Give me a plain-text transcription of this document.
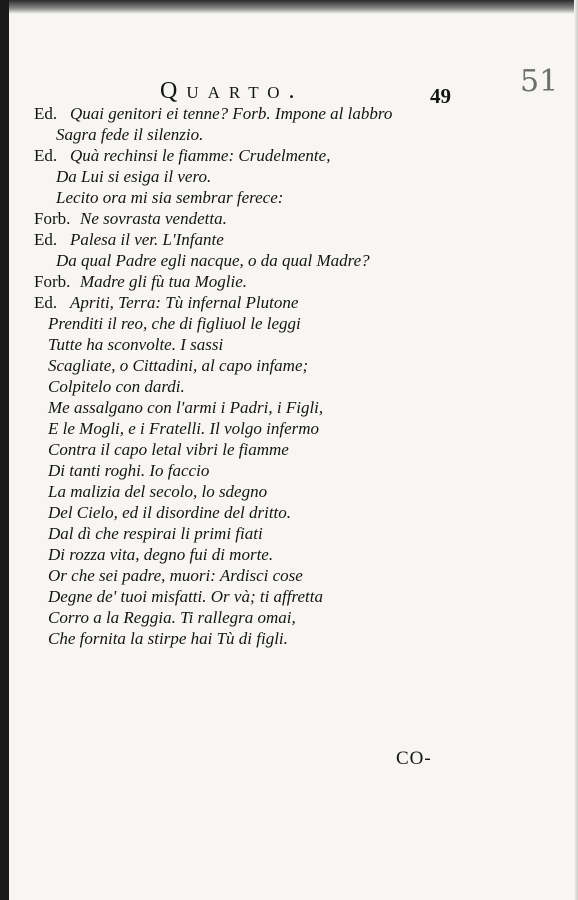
Quarto.	49 51
Ed. Quai genitori ei tenne? Forb. Impone al labbro
Sagra fede il silenzio.
Ed. Quà rechinsi le fiamme: Crudelmente,
Da Lui si esiga il vero.
Lecito ora mi sia sembrar ferece:
Forb. Ne sovrasta vendetta.
Ed. Palesa il ver. L'Infante
Da qual Padre egli nacque, o da qual Madre?
Forb. Madre gli fù tua Moglie.
Ed. Apriti, Terra: Tù infernal Plutone
Prenditi il reo, che di figliuol le leggi
Tutte ha sconvolte. I sassi
Scagliate, o Cittadini, al capo infame;
Colpitelo con dardi.
Me assalgano con l'armi i Padri, i Figli,
E le Mogli, e i Fratelli. Il volgo infermo
Contra il capo letal vibri le fiamme
Di tanti roghi. Io faccio
La malizia del secolo, lo sdegno
Del Cielo, ed il disordine del dritto.
Dal dì che respirai li primi fiati
Di rozza vita, degno fui di morte.
Or che sei padre, muori: Ardisci cose
Degne de' tuoi misfatti. Or và; ti affretta
Corro a la Reggia. Ti rallegra omai,
Che fornita la stirpe hai Tù di figli.
CO-
